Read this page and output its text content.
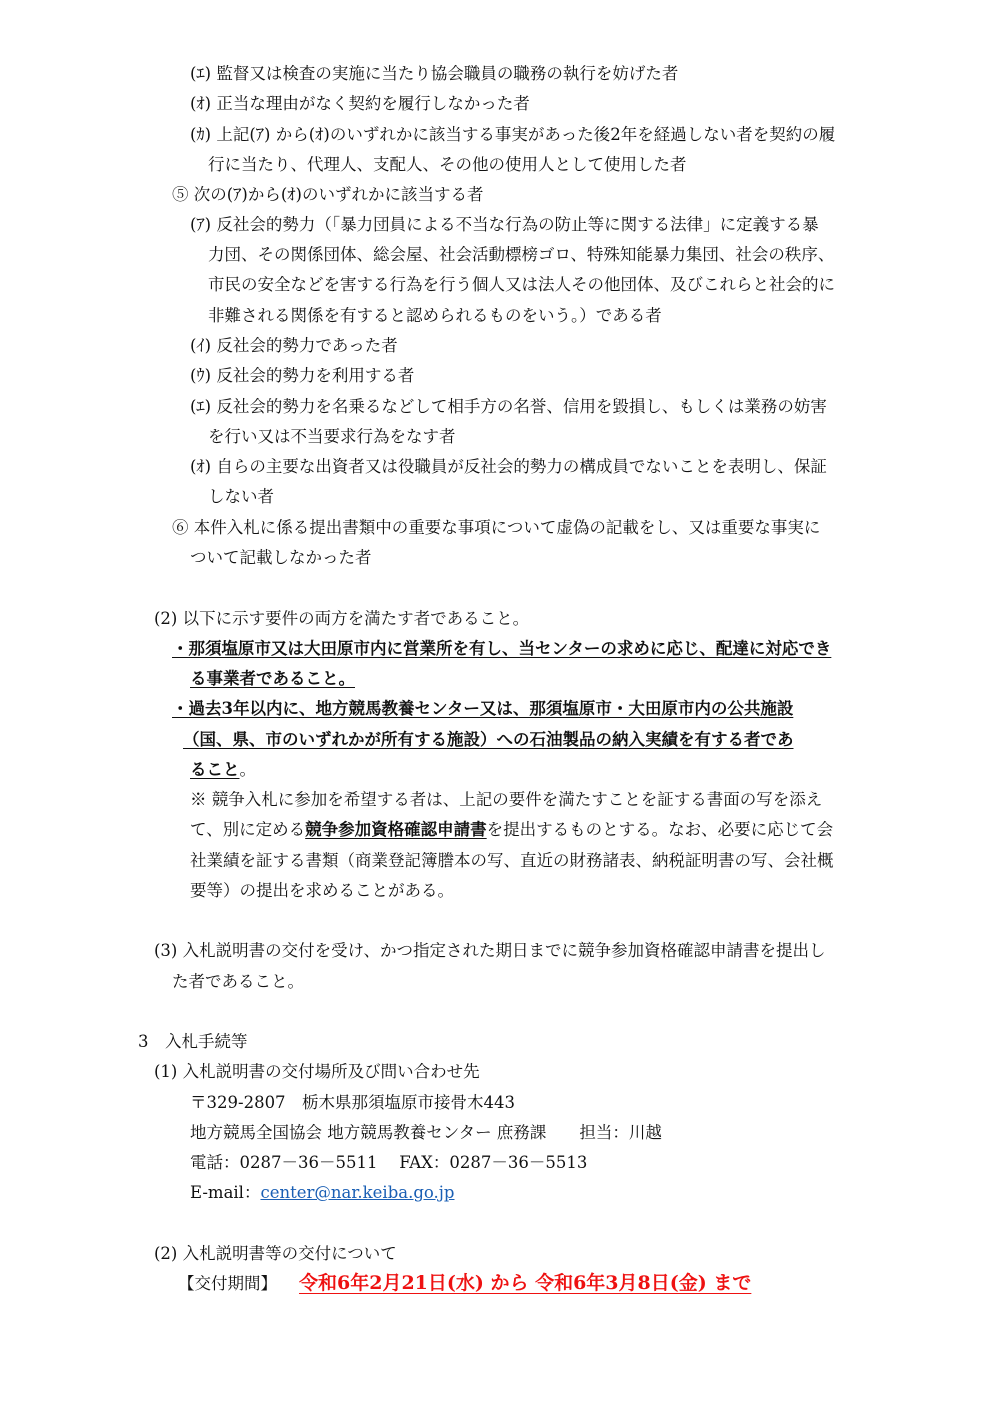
(ｴ) 監督又は検査の実施に当たり協会職員の職務の執行を妨げた者
(ｵ) 正当な理由がなく契約を履行しなかった者
(ｶ) 上記(ｱ) から(ｵ)のいずれかに該当する事実があった後2年を経過しない者を契約の履
行に当たり、代理人、支配人、その他の使用人として使用した者
⑤ 次の(ｱ)から(ｵ)のいずれかに該当する者
(ｱ) 反社会的勢力（「暴力団員による不当な行為の防止等に関する法律」に定義する暴
力団、その関係団体、総会屋、社会活動標榜ゴロ、特殊知能暴力集団、社会の秩序、
市民の安全などを害する行為を行う個人又は法人その他団体、及びこれらと社会的に
非難される関係を有すると認められるものをいう。）である者
(ｲ) 反社会的勢力であった者
(ｳ) 反社会的勢力を利用する者
(ｴ) 反社会的勢力を名乗るなどして相手方の名誉、信用を毀損し、もしくは業務の妨害
を行い又は不当要求行為をなす者
(ｵ) 自らの主要な出資者又は役職員が反社会的勢力の構成員でないことを表明し、保証
しない者
⑥ 本件入札に係る提出書類中の重要な事項について虚偽の記載をし、又は重要な事実に
ついて記載しなかった者
(2) 以下に示す要件の両方を満たす者であること。
・那須塩原市又は大田原市内に営業所を有し、当センターの求めに応じ、配達に対応でき
る事業者であること。
・過去3年以内に、地方競馬教養センター又は、那須塩原市・大田原市内の公共施設
（国、県、市のいずれかが所有する施設）への石油製品の納入実績を有する者であ
ること。
※ 競争入札に参加を希望する者は、上記の要件を満たすことを証する書面の写を添え
て、別に定める競争参加資格確認申請書を提出するものとする。なお、必要に応じて会
社業績を証する書類（商業登記簿謄本の写、直近の財務諸表、納税証明書の写、会社概
要等）の提出を求めることがある。
(3) 入札説明書の交付を受け、かつ指定された期日までに競争参加資格確認申請書を提出し
た者であること。
3　入札手続等
(1) 入札説明書の交付場所及び問い合わせ先
〒329-2807　栃木県那須塩原市接骨木443
地方競馬全国協会 地方競馬教養センター 庶務課　　担当：川越
電話：0287－36－5511　 FAX：0287－36－5513
E-mail：center@nar.keiba.go.jp
(2) 入札説明書等の交付について
【交付期間】 令和6年2月21日(水) から 令和6年3月8日(金) まで
